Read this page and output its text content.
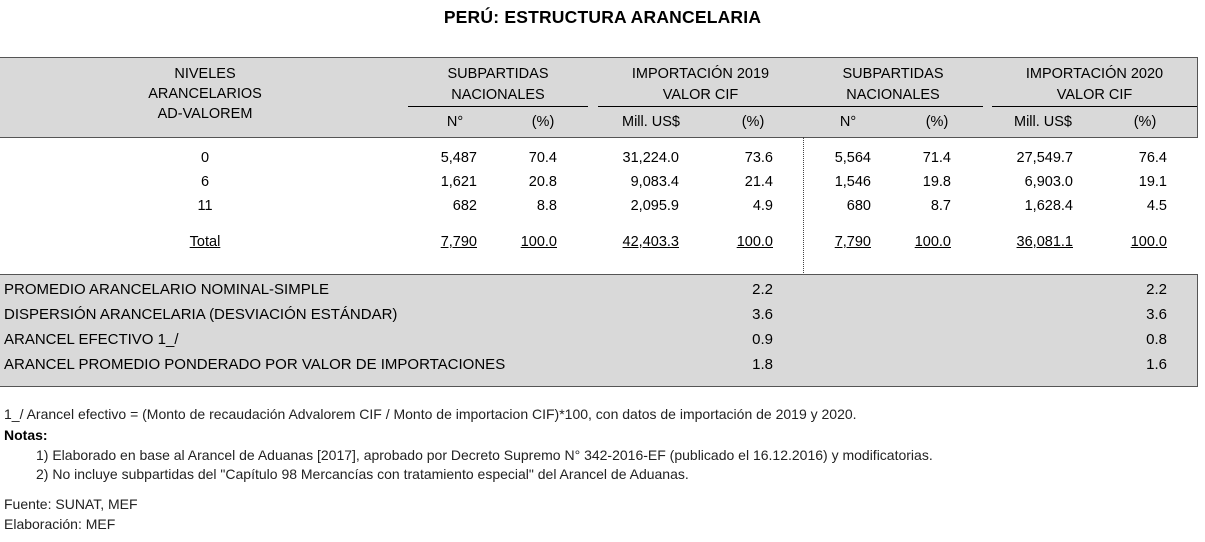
PERÚ: ESTRUCTURA ARANCELARIA
NIVELES
ARANCELARIOS
AD-VALOREM
SUBPARTIDAS
NACIONALES
IMPORTACIÓN 2019
VALOR CIF
SUBPARTIDAS
NACIONALES
IMPORTACIÓN 2020
VALOR CIF
N°	(%)	Mill. US$	(%)	N°	(%)	Mill. US$	(%)
0	5,487	70.4	31,224.0	73.6	5,564	71.4	27,549.7	76.4
6	1,621	20.8	9,083.4	21.4	1,546	19.8	6,903.0	19.1
11	682	8.8	2,095.9	4.9	680	8.7	1,628.4	4.5
Total	7,790	100.0	42,403.3	100.0	7,790	100.0	36,081.1	100.0
PROMEDIO ARANCELARIO NOMINAL-SIMPLE	2.2	2.2
DISPERSIÓN ARANCELARIA (DESVIACIÓN ESTÁNDAR)	3.6	3.6
ARANCEL EFECTIVO 1_/	0.9	0.8
ARANCEL PROMEDIO PONDERADO POR VALOR DE IMPORTACIONES	1.8	1.6
1_/ Arancel efectivo = (Monto de recaudación Advalorem CIF / Monto de importacion CIF)*100, con datos de importación de 2019 y 2020.
Notas:
1) Elaborado en base al Arancel de Aduanas [2017], aprobado por Decreto Supremo N° 342-2016-EF (publicado el 16.12.2016) y modificatorias.
2) No incluye subpartidas del "Capítulo 98 Mercancías con tratamiento especial" del Arancel de Aduanas.
Fuente: SUNAT, MEF
Elaboración: MEF
